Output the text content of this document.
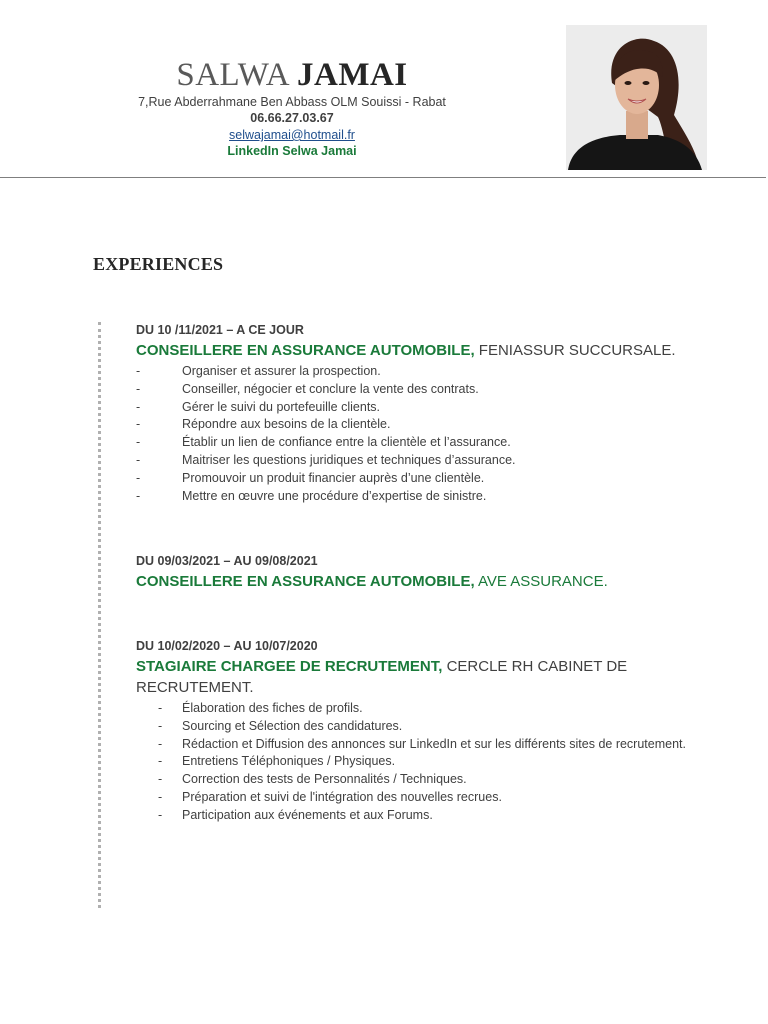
SALWA JAMAI
7,Rue Abderrahmane Ben Abbass OLM Souissi - Rabat
06.66.27.03.67
selwajamai@hotmail.fr
LinkedIn Selwa Jamai
EXPERIENCES
DU 10 /11/2021 – A CE JOUR
CONSEILLERE EN ASSURANCE AUTOMOBILE, FENIASSUR SUCCURSALE.
-	Organiser et assurer la prospection.
-	Conseiller, négocier et conclure la vente des contrats.
-	Gérer le suivi du portefeuille clients.
-	Répondre aux besoins de la clientèle.
-	Établir un lien de confiance entre la clientèle et l’assurance.
-	Maitriser les questions juridiques et techniques d’assurance.
-	Promouvoir un produit financier auprès d’une clientèle.
-	Mettre en œuvre une procédure d’expertise de sinistre.
DU 09/03/2021 – AU 09/08/2021
CONSEILLERE EN ASSURANCE AUTOMOBILE, AVE ASSURANCE.
DU 10/02/2020 – AU 10/07/2020
STAGIAIRE CHARGEE DE RECRUTEMENT, CERCLE RH CABINET DE RECRUTEMENT.
- Élaboration des fiches de profils.
- Sourcing et Sélection des candidatures.
- Rédaction et Diffusion des annonces sur LinkedIn et sur les différents sites de recrutement.
- Entretiens Téléphoniques / Physiques.
- Correction des tests de Personnalités / Techniques.
- Préparation et suivi de l'intégration des nouvelles recrues.
- Participation aux événements et aux Forums.
